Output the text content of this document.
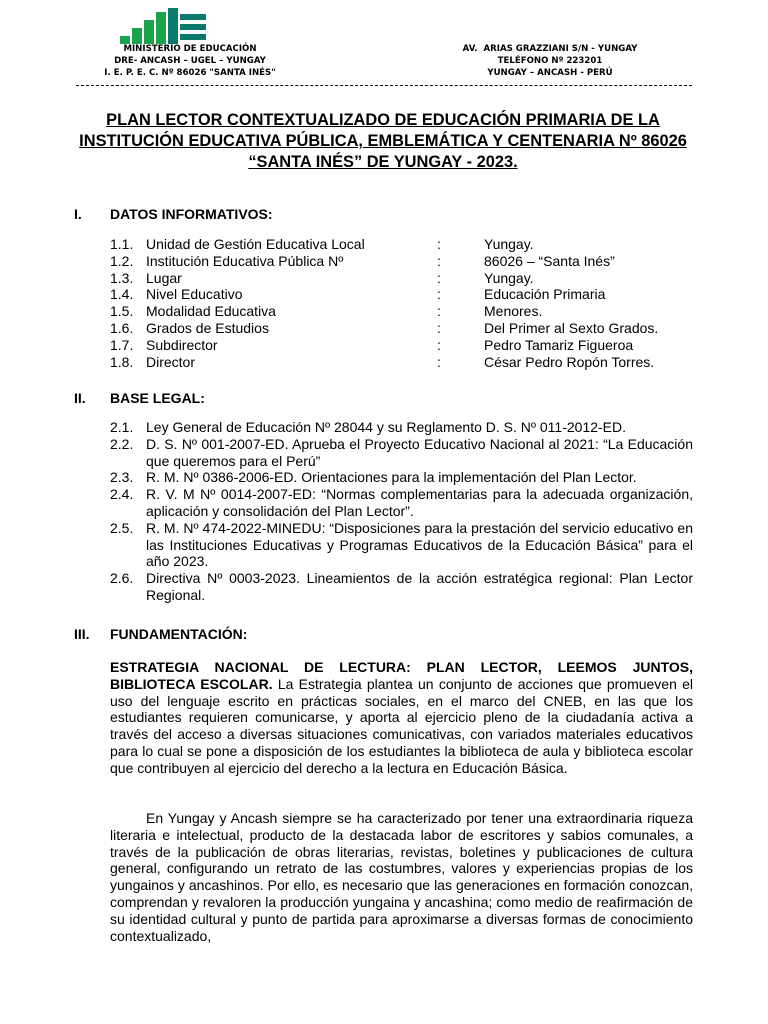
MINISTERIO DE EDUCACIÓN
DRE- ANCASH – UGEL – YUNGAY
I. E. P. E. C. Nº 86026 "SANTA INÉS"
AV.  ARIAS GRAZZIANI S/N - YUNGAY
TELÉFONO Nº 223201
YUNGAY – ANCASH - PERÚ
PLAN LECTOR CONTEXTUALIZADO DE EDUCACIÓN PRIMARIA DE LA INSTITUCIÓN EDUCATIVA PÚBLICA, EMBLEMÁTICA Y CENTENARIA Nº 86026 “SANTA INÉS” DE YUNGAY - 2023.
I. DATOS INFORMATIVOS:
1.1. Unidad de Gestión Educativa Local	:	Yungay.
1.2. Institución Educativa Pública Nº	:	86026 – “Santa Inés”
1.3. Lugar	:	Yungay.
1.4. Nivel Educativo	:	Educación Primaria
1.5. Modalidad Educativa	:	Menores.
1.6. Grados de Estudios	:	Del Primer al Sexto Grados.
1.7. Subdirector	:	Pedro Tamariz Figueroa
1.8. Director	:	César Pedro Ropón Torres.
II. BASE LEGAL:
2.1. Ley General de Educación Nº 28044 y su Reglamento D. S. Nº 011-2012-ED.
2.2. D. S. Nº 001-2007-ED. Aprueba el Proyecto Educativo Nacional al 2021: “La Educación que queremos para el Perú”
2.3. R. M. Nº 0386-2006-ED. Orientaciones para la implementación del Plan Lector.
2.4. R. V. M Nº 0014-2007-ED: “Normas complementarias para la adecuada organización, aplicación y consolidación del Plan Lector”.
2.5. R. M. Nº 474-2022-MINEDU: “Disposiciones para la prestación del servicio educativo en las Instituciones Educativas y Programas Educativos de la Educación Básica” para el año 2023.
2.6. Directiva Nº 0003-2023. Lineamientos de la acción estratégica regional: Plan Lector Regional.
III. FUNDAMENTACIÓN:
ESTRATEGIA NACIONAL DE LECTURA: PLAN LECTOR, LEEMOS JUNTOS, BIBLIOTECA ESCOLAR. La Estrategia plantea un conjunto de acciones que promueven el uso del lenguaje escrito en prácticas sociales, en el marco del CNEB, en las que los estudiantes requieren comunicarse, y aporta al ejercicio pleno de la ciudadanía activa a través del acceso a diversas situaciones comunicativas, con variados materiales educativos para lo cual se pone a disposición de los estudiantes la biblioteca de aula y biblioteca escolar que contribuyen al ejercicio del derecho a la lectura en Educación Básica.
En Yungay y Ancash siempre se ha caracterizado por tener una extraordinaria riqueza literaria e intelectual, producto de la destacada labor de escritores y sabios comunales, a través de la publicación de obras literarias, revistas, boletines y publicaciones de cultura general, configurando un retrato de las costumbres, valores y experiencias propias de los yungainos y ancashinos. Por ello, es necesario que las generaciones en formación conozcan, comprendan y revaloren la producción yungaina y ancashina; como medio de reafirmación de su identidad cultural y punto de partida para aproximarse a diversas formas de conocimiento contextualizado,
